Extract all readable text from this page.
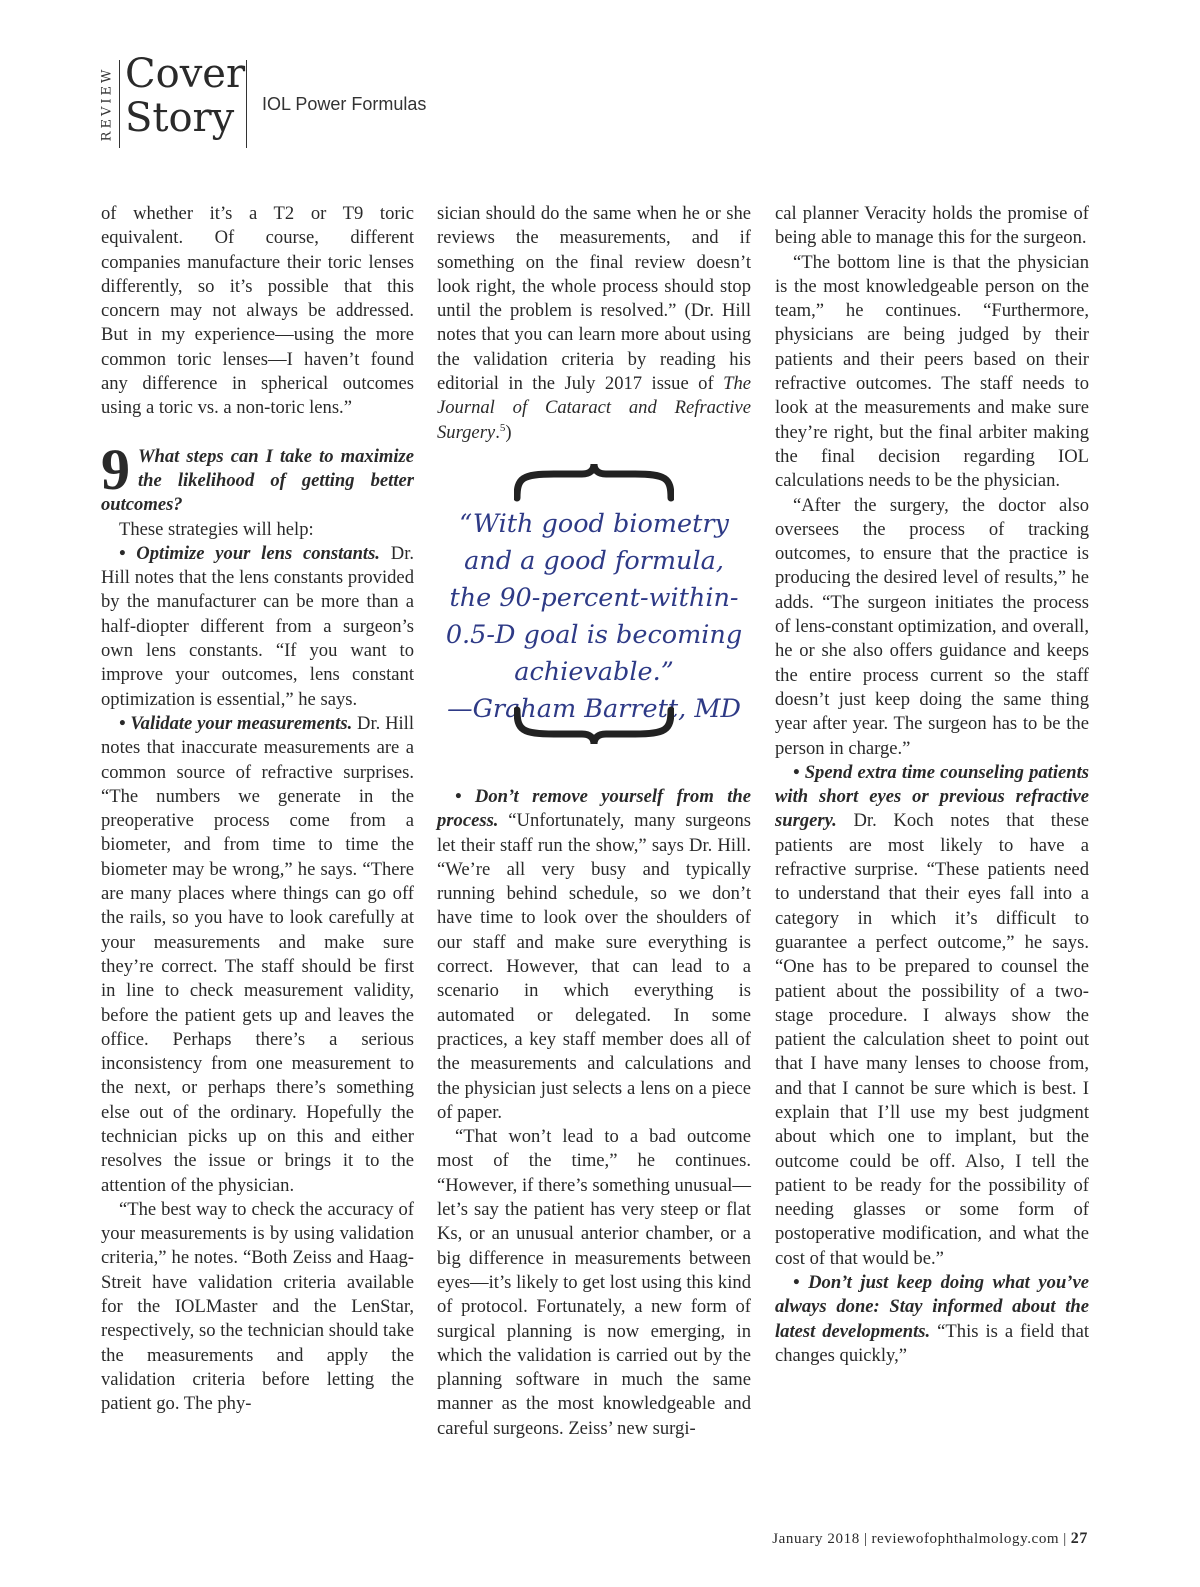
REVIEW Cover
Story	IOL Power Formulas

of whether it’s a T2 or T9 toric equivalent. Of course, different companies manufacture their toric lenses differently, so it’s possible that this concern may not always be addressed. But in my experience—using the more common toric lenses—I haven’t found any difference in spherical outcomes using a toric vs. a non-toric lens.”

9 What steps can I take to maximize the likelihood of getting better outcomes?

These strategies will help:

• Optimize your lens constants. Dr. Hill notes that the lens constants provided by the manufacturer can be more than a half-diopter different from a surgeon’s own lens constants. “If you want to improve your outcomes, lens constant optimization is essential,” he says.

• Validate your measurements. Dr. Hill notes that inaccurate measurements are a common source of refractive surprises. “The numbers we generate in the preoperative process come from a biometer, and from time to time the biometer may be wrong,” he says. “There are many places where things can go off the rails, so you have to look carefully at your measurements and make sure they’re correct. The staff should be first in line to check measurement validity, before the patient gets up and leaves the office. Perhaps there’s a serious inconsistency from one measurement to the next, or perhaps there’s something else out of the ordinary. Hopefully the technician picks up on this and either resolves the issue or brings it to the attention of the physician.

“The best way to check the accuracy of your measurements is by using validation criteria,” he notes. “Both Zeiss and Haag-Streit have validation criteria available for the IOLMaster and the LenStar, respectively, so the technician should take the measurements and apply the validation criteria before letting the patient go. The phy-

sician should do the same when he or she reviews the measurements, and if something on the final review doesn’t look right, the whole process should stop until the problem is resolved.” (Dr. Hill notes that you can learn more about using the validation criteria by reading his editorial in the July 2017 issue of The Journal of Cataract and Refractive Surgery.$^5$)

“With good biometry
and a good formula,
the 90-percent-within-
0.5-D goal is becoming
achievable.”
—Graham Barrett, MD

• Don’t remove yourself from the process. “Unfortunately, many surgeons let their staff run the show,” says Dr. Hill. “We’re all very busy and typically running behind schedule, so we don’t have time to look over the shoulders of our staff and make sure everything is correct. However, that can lead to a scenario in which everything is automated or delegated. In some practices, a key staff member does all of the measurements and calculations and the physician just selects a lens on a piece of paper.

“That won’t lead to a bad outcome most of the time,” he continues. “However, if there’s something unusual—let’s say the patient has very steep or flat Ks, or an unusual anterior chamber, or a big difference in measurements between eyes—it’s likely to get lost using this kind of protocol. Fortunately, a new form of surgical planning is now emerging, in which the validation is carried out by the planning software in much the same manner as the most knowledgeable and careful surgeons. Zeiss’ new surgi-

cal planner Veracity holds the promise of being able to manage this for the surgeon.

“The bottom line is that the physician is the most knowledgeable person on the team,” he continues. “Furthermore, physicians are being judged by their patients and their peers based on their refractive outcomes. The staff needs to look at the measurements and make sure they’re right, but the final arbiter making the final decision regarding IOL calculations needs to be the physician.

“After the surgery, the doctor also oversees the process of tracking outcomes, to ensure that the practice is producing the desired level of results,” he adds. “The surgeon initiates the process of lens-constant optimization, and overall, he or she also offers guidance and keeps the entire process current so the staff doesn’t just keep doing the same thing year after year. The surgeon has to be the person in charge.”

• Spend extra time counseling patients with short eyes or previous refractive surgery. Dr. Koch notes that these patients are most likely to have a refractive surprise. “These patients need to understand that their eyes fall into a category in which it’s difficult to guarantee a perfect outcome,” he says. “One has to be prepared to counsel the patient about the possibility of a two-stage procedure. I always show the patient the calculation sheet to point out that I have many lenses to choose from, and that I cannot be sure which is best. I explain that I’ll use my best judgment about which one to implant, but the outcome could be off. Also, I tell the patient to be ready for the possibility of needing glasses or some form of postoperative modification, and what the cost of that would be.”

• Don’t just keep doing what you’ve always done: Stay informed about the latest developments. “This is a field that changes quickly,”

January 2018 | reviewofophthalmology.com | 27
